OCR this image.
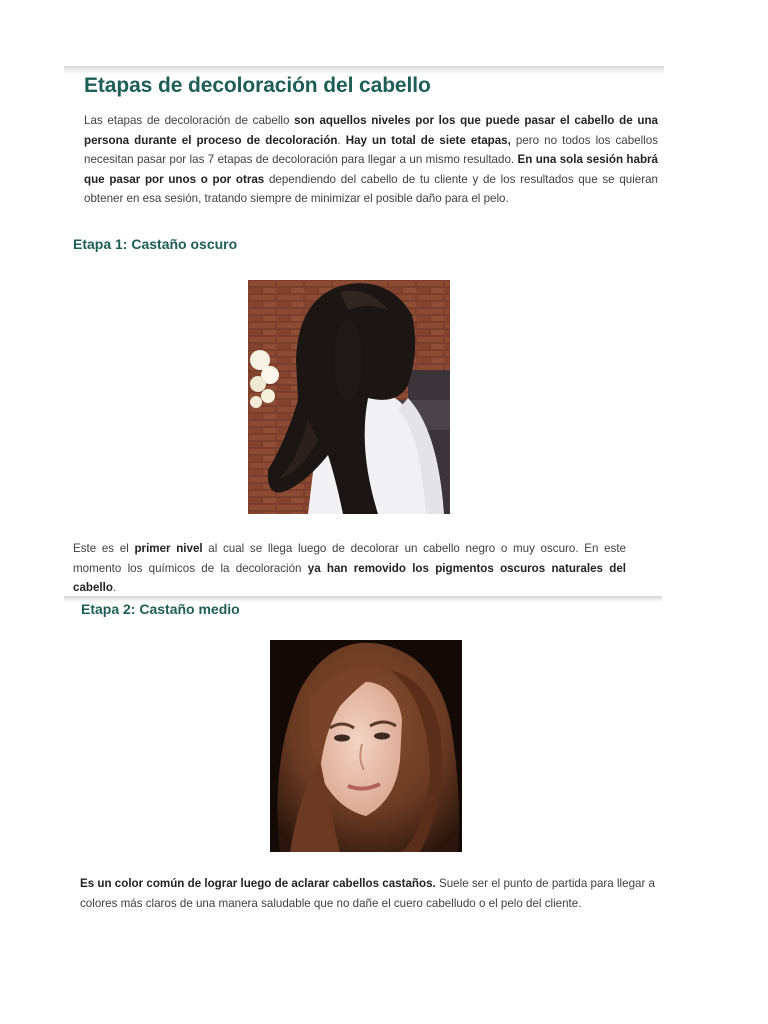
Etapas de decoloración del cabello

Las etapas de decoloración de cabello son aquellos niveles por los que puede pasar el cabello de una persona durante el proceso de decoloración. Hay un total de siete etapas, pero no todos los cabellos necesitan pasar por las 7 etapas de decoloración para llegar a un mismo resultado. En una sola sesión habrá que pasar por unos o por otras dependiendo del cabello de tu cliente y de los resultados que se quieran obtener en esa sesión, tratando siempre de minimizar el posible daño para el pelo.

Etapa 1: Castaño oscuro

Este es el primer nivel al cual se llega luego de decolorar un cabello negro o muy oscuro. En este momento los químicos de la decoloración ya han removido los pigmentos oscuros naturales del cabello.

Etapa 2: Castaño medio

Es un color común de lograr luego de aclarar cabellos castaños. Suele ser el punto de partida para llegar a colores más claros de una manera saludable que no dañe el cuero cabelludo o el pelo del cliente.
